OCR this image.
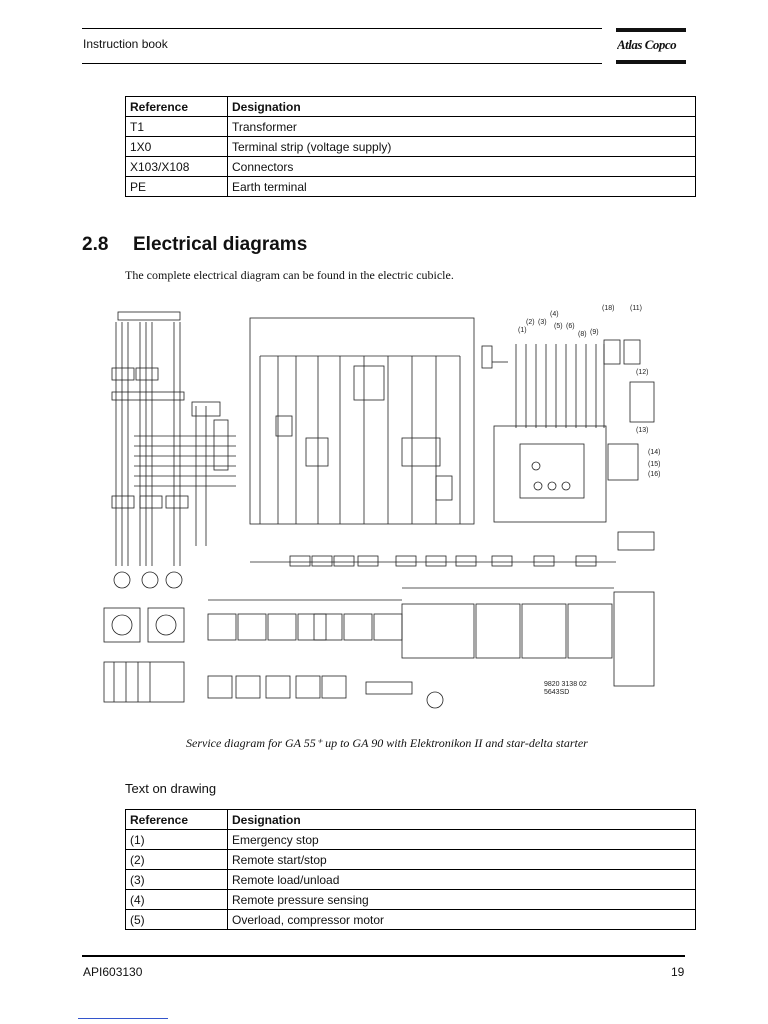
Instruction book	Atlas Copco
Reference	Designation
T1	Transformer
1X0	Terminal strip (voltage supply)
X103/X108	Connectors
PE	Earth terminal
2.8 Electrical diagrams
The complete electrical diagram can be found in the electric cubicle.
(18) (11)
(12)
(13)
(14)
(15)
(16)
(4)
(2) (3)
(5) (6)
(1)
(8) (9)
9820 3138 02
5643SD
Service diagram for GA 55⁺ up to GA 90 with Elektronikon II and star-delta starter
Text on drawing
Reference	Designation
(1)	Emergency stop
(2)	Remote start/stop
(3)	Remote load/unload
(4)	Remote pressure sensing
(5)	Overload, compressor motor
API603130	19
